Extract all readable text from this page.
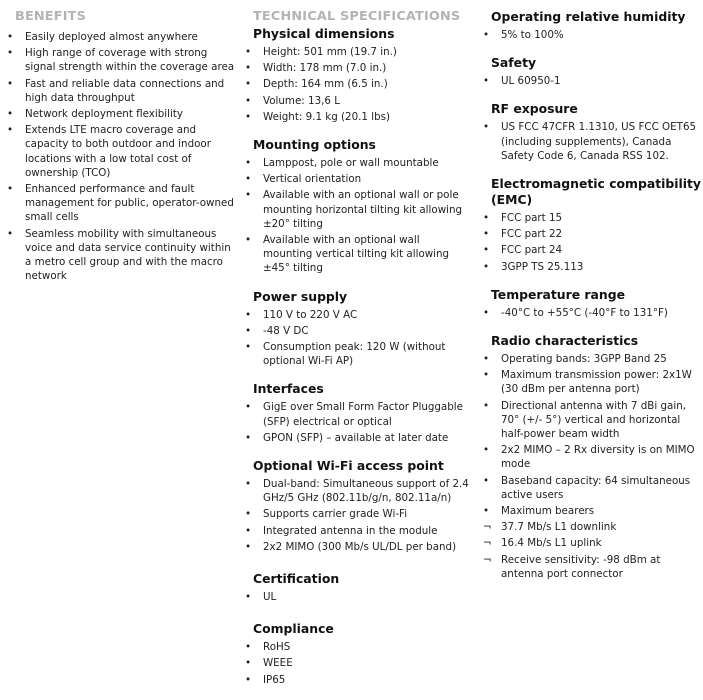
BENEFITS
• Easily deployed almost anywhere
• High range of coverage with strong signal strength within the coverage area
• Fast and reliable data connections and high data throughput
• Network deployment flexibility
• Extends LTE macro coverage and capacity to both outdoor and indoor locations with a low total cost of ownership (TCO)
• Enhanced performance and fault management for public, operator-owned small cells
• Seamless mobility with simultaneous voice and data service continuity within a metro cell group and with the macro network
TECHNICAL SPECIFICATIONS
Physical dimensions
• Height: 501 mm (19.7 in.)
• Width: 178 mm (7.0 in.)
• Depth: 164 mm (6.5 in.)
• Volume: 13,6 L
• Weight: 9.1 kg (20.1 lbs)
Mounting options
• Lamppost, pole or wall mountable
• Vertical orientation
• Available with an optional wall or pole mounting horizontal tilting kit allowing ±20° tilting
• Available with an optional wall mounting vertical tilting kit allowing ±45° tilting
Power supply
• 110 V to 220 V AC
• -48 V DC
• Consumption peak: 120 W (without optional Wi-Fi AP)
Interfaces
• GigE over Small Form Factor Pluggable (SFP) electrical or optical
• GPON (SFP) – available at later date
Optional Wi-Fi access point
• Dual-band: Simultaneous support of 2.4 GHz/5 GHz (802.11b/g/n, 802.11a/n)
• Supports carrier grade Wi-Fi
• Integrated antenna in the module
• 2x2 MIMO (300 Mb/s UL/DL per band)
Certification
• UL
Compliance
• RoHS
• WEEE
• IP65
Operating relative humidity
• 5% to 100%
Safety
• UL 60950-1
RF exposure
• US FCC 47CFR 1.1310, US FCC OET65 (including supplements), Canada Safety Code 6, Canada RSS 102.
Electromagnetic compatibility (EMC)
• FCC part 15
• FCC part 22
• FCC part 24
• 3GPP TS 25.113
Temperature range
• -40°C to +55°C (-40°F to 131°F)
Radio characteristics
• Operating bands: 3GPP Band 25
• Maximum transmission power: 2x1W (30 dBm per antenna port)
• Directional antenna with 7 dBi gain, 70° (+/- 5°) vertical and horizontal half-power beam width
• 2x2 MIMO – 2 Rx diversity is on MIMO mode
• Baseband capacity: 64 simultaneous active users
• Maximum bearers
¬ 37.7 Mb/s L1 downlink
¬ 16.4 Mb/s L1 uplink
¬ Receive sensitivity: -98 dBm at antenna port connector
